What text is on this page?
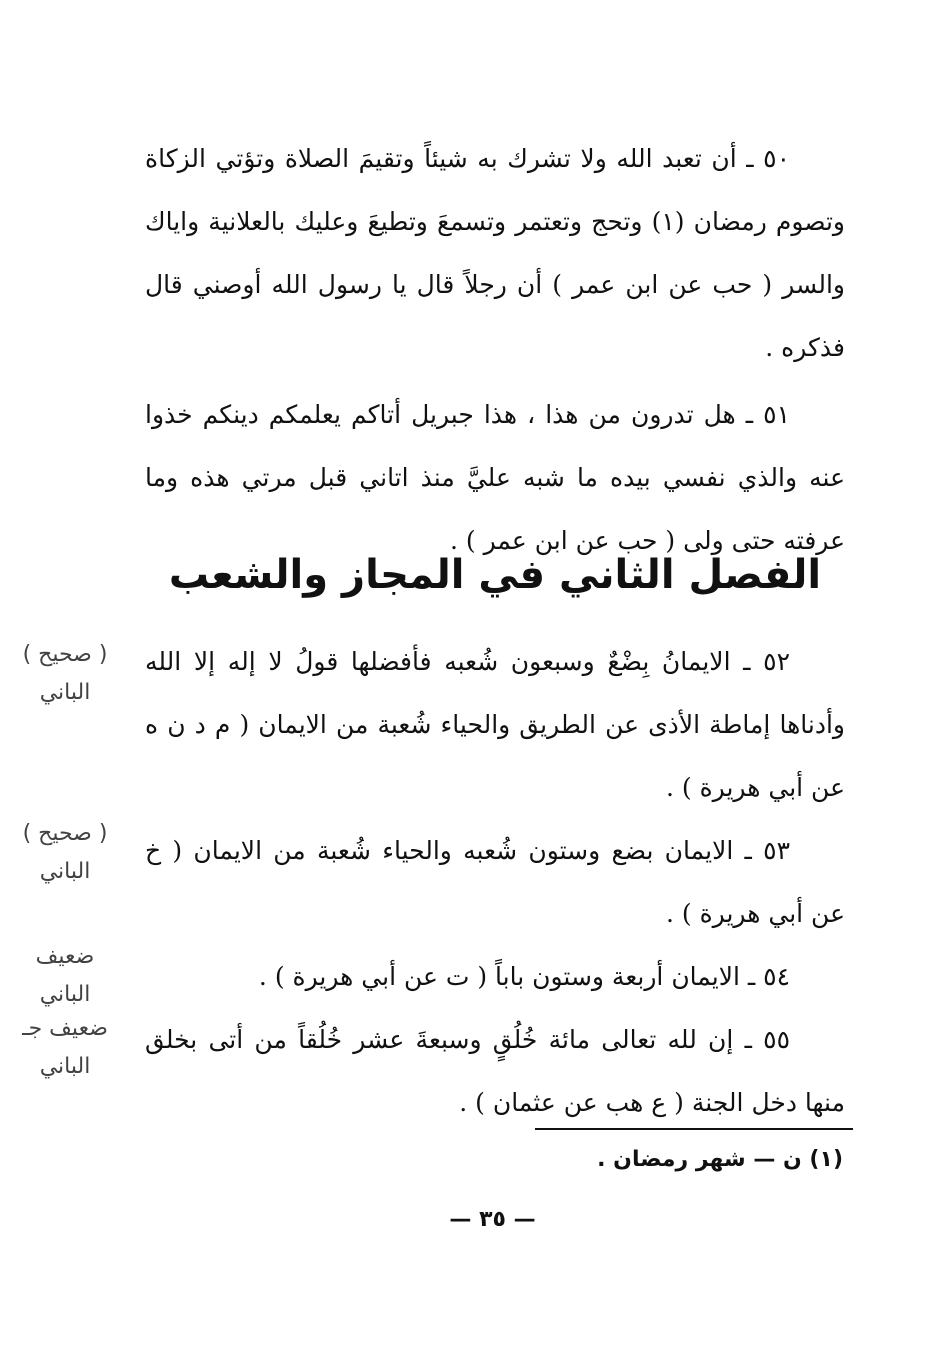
٥٠ ـ أن تعبد الله ولا تشرك به شيئاً وتقيمَ الصلاة وتؤتي الزكاة وتصوم رمضان (١) وتحج وتعتمر وتسمعَ وتطيعَ وعليك بالعلانية واياك والسر ( حب عن ابن عمر ) أن رجلاً قال يا رسول الله أوصني قال فذكره .

٥١ ـ هل تدرون من هذا ، هذا جبريل أتاكم يعلمكم دينكم خذوا عنه والذي نفسي بيده ما شبه عليَّ منذ اتاني قبل مرتي هذه وما عرفته حتى ولى ( حب عن ابن عمر ) .

الفصل الثاني في المجاز والشعب

٥٢ ـ الايمانُ بِضْعٌ وسبعون شُعبه فأفضلها قولُ لا إله إلا الله وأدناها إماطة الأذى عن الطريق والحياء شُعبة من الايمان ( م د ن ه عن أبي هريرة ) .

٥٣ ـ الايمان بضع وستون شُعبه والحياء شُعبة من الايمان ( خ عن أبي هريرة ) .

٥٤ ـ الايمان أربعة وستون باباً ( ت عن أبي هريرة ) .

٥٥ ـ إن لله تعالى مائة خُلُقٍ وسبعةَ عشر خُلُقاً من أتى بخلق منها دخل الجنة ( ع هب عن عثمان ) .

( صحيح )
الباني
( صحيح )
الباني
ضعيف
الباني
ضعيف جـ
الباني
(١) ن — شهر رمضان .
— ٣٥ —
